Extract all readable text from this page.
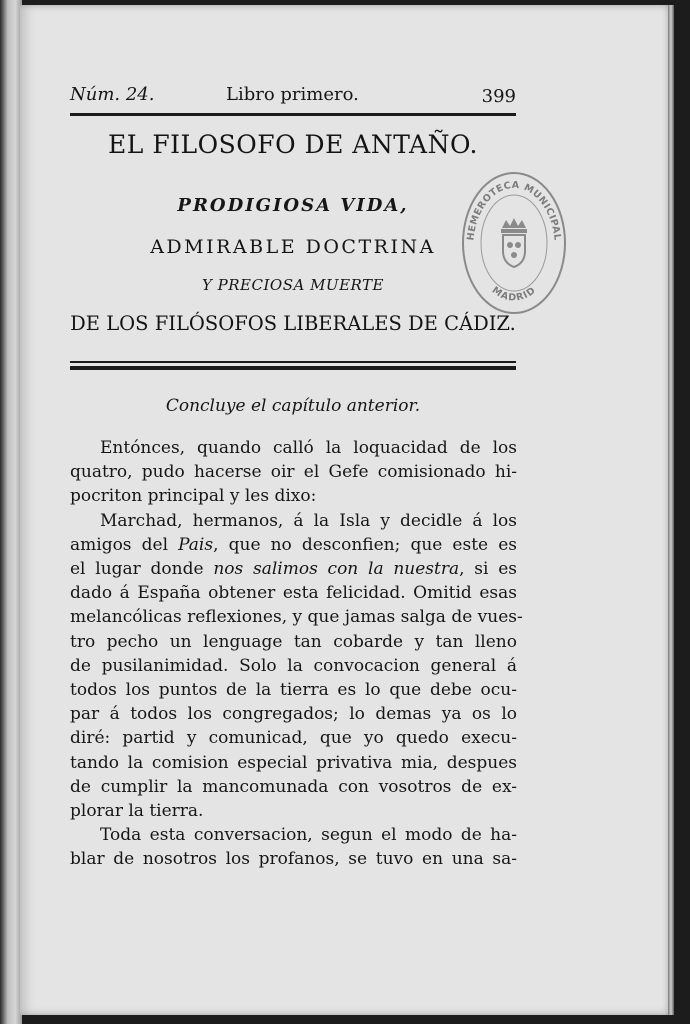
Núm. 24.	Libro primero.	399
EL FILOSOFO DE ANTAÑO.
PRODIGIOSA VIDA,
ADMIRABLE DOCTRINA
Y PRECIOSA MUERTE
DE LOS FILÓSOFOS LIBERALES DE CÁDIZ.
Concluye el capítulo anterior.

Entónces, quando calló la loquacidad de los

quatro, pudo hacerse oir el Gefe comisionado hi-

pocriton principal y les dixo:

Marchad, hermanos, á la Isla y decidle á los

amigos del Pais, que no desconfien; que este es

el lugar donde nos salimos con la nuestra, si es

dado á España obtener esta felicidad. Omitid esas

melancólicas reflexiones, y que jamas salga de vues-

tro pecho un lenguage tan cobarde y tan lleno

de pusilanimidad. Solo la convocacion general á

todos los puntos de la tierra es lo que debe ocu-

par á todos los congregados; lo demas ya os lo

diré: partid y comunicad, que yo quedo execu-

tando la comision especial privativa mia, despues

de cumplir la mancomunada con vosotros de ex-

plorar la tierra.

Toda esta conversacion, segun el modo de ha-

blar de nosotros los profanos, se tuvo en una sa-

HEMEROTECA MUNICIPAL
MADRID
